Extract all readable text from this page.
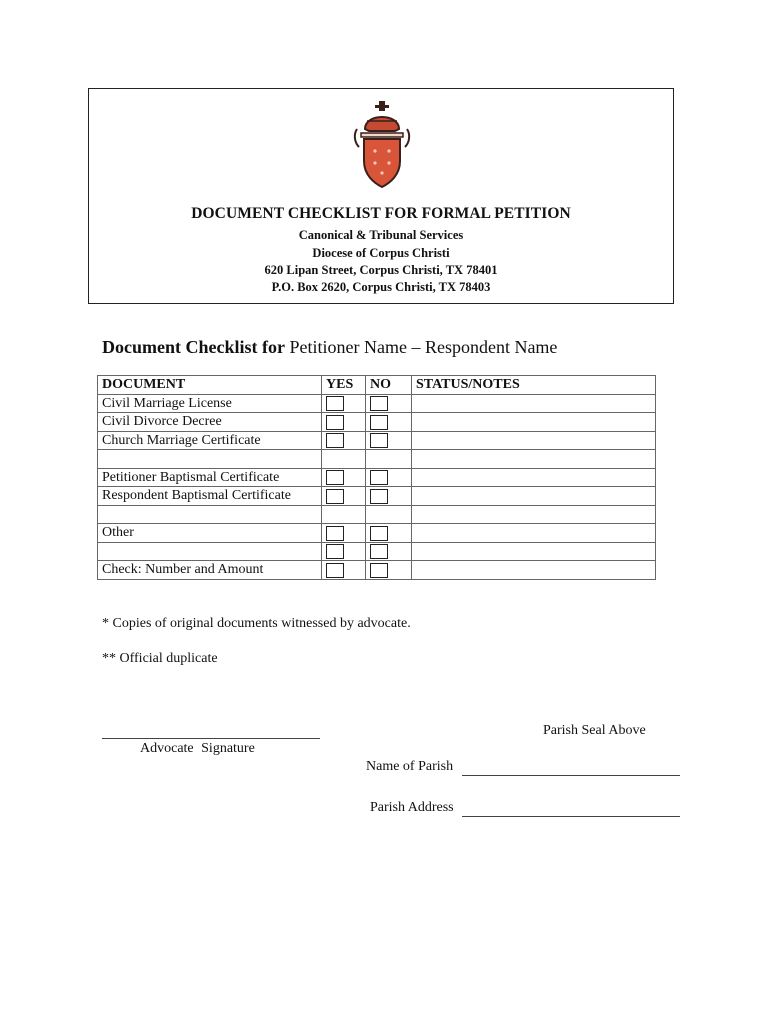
DOCUMENT CHECKLIST FOR FORMAL PETITION
Canonical & Tribunal Services
Diocese of Corpus Christi
620 Lipan Street, Corpus Christi, TX 78401
P.O. Box 2620, Corpus Christi, TX 78403
Document Checklist for Petitioner Name – Respondent Name
DOCUMENT	YES	NO	STATUS/NOTES
Civil Marriage License			
Civil Divorce Decree			
Church Marriage Certificate			

Petitioner Baptismal Certificate			
Respondent Baptismal Certificate			

Other			

Check: Number and Amount			
* Copies of original documents witnessed by advocate.
** Official duplicate
Advocate Signature
Parish Seal Above
Name of Parish
Parish Address
